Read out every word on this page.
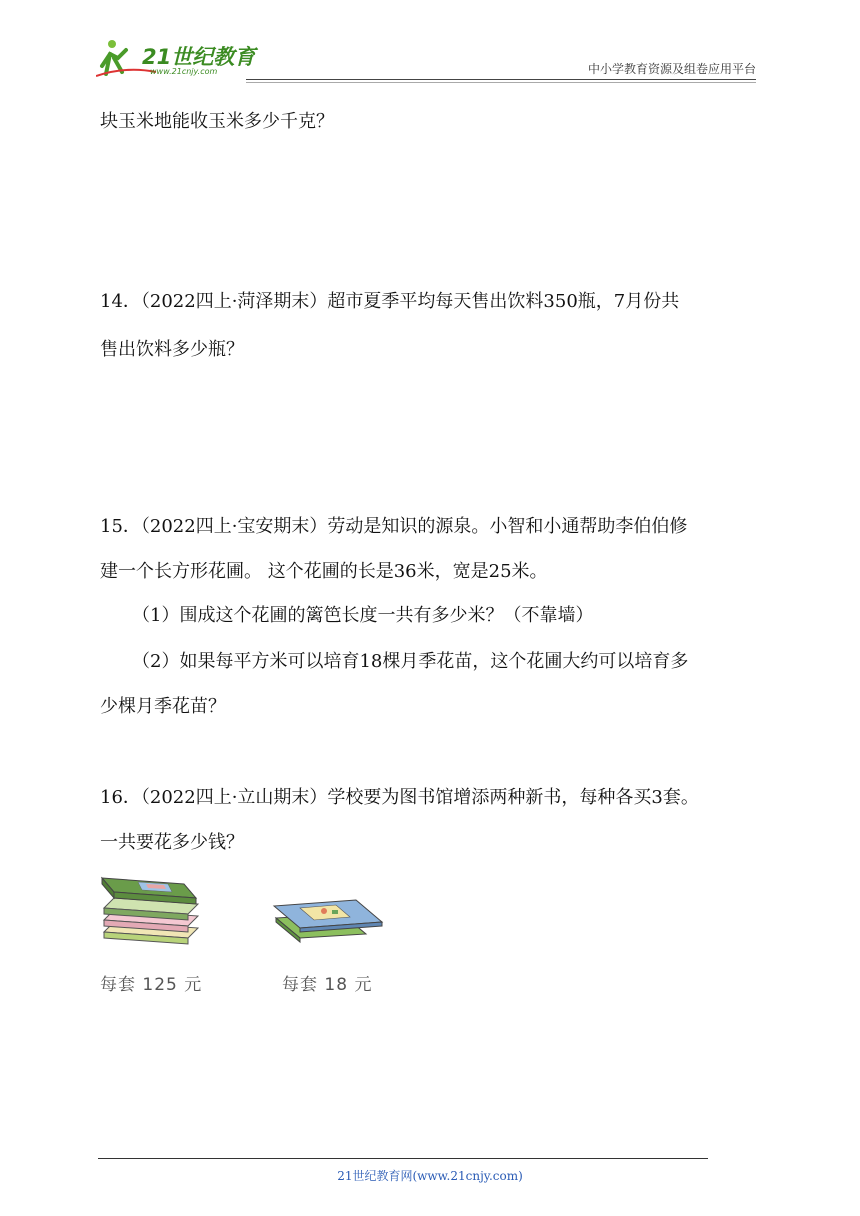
21世纪教育
www.21cnjy.com	中小学教育资源及组卷应用平台
块玉米地能收玉米多少千克？
14．（2022四上·菏泽期末）超市夏季平均每天售出饮料350瓶，7月份共
售出饮料多少瓶？
15．（2022四上·宝安期末）劳动是知识的源泉。小智和小通帮助李伯伯修
建一个长方形花圃。 这个花圃的长是36米，宽是25米。
（1）围成这个花圃的篱笆长度一共有多少米？（不靠墙）
（2）如果每平方米可以培育18棵月季花苗，这个花圃大约可以培育多
少棵月季花苗？
16．（2022四上·立山期末）学校要为图书馆增添两种新书，每种各买3套。
一共要花多少钱？
每套 125 元	每套 18 元
21世纪教育网(www.21cnjy.com)
